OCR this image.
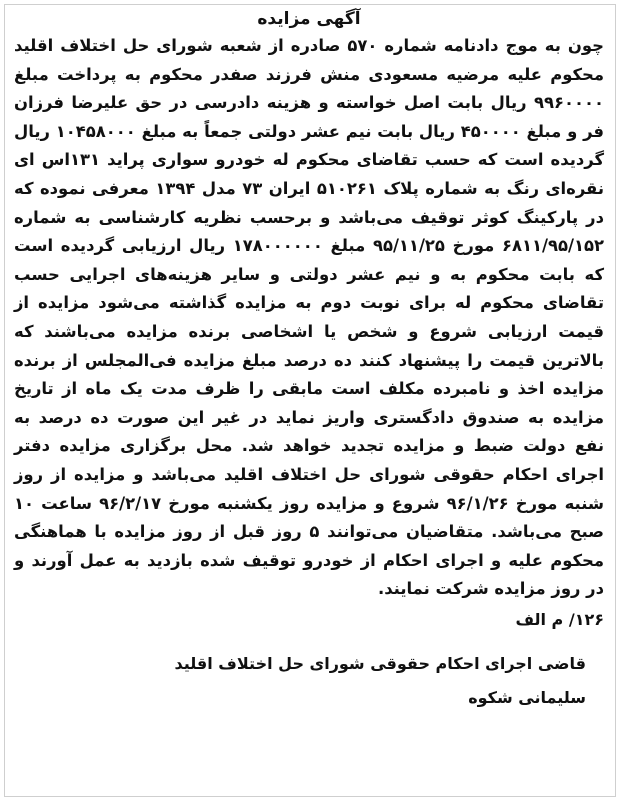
آگهی مزایده

چون به موج دادنامه شماره ۵۷۰ صادره از شعبه شورای حل اختلاف اقلید محکوم علیه مرضیه مسعودی منش فرزند صفدر محکوم به پرداخت مبلغ ۹۹۶۰۰۰۰ ریال بابت اصل خواسته و هزینه دادرسی در حق علیرضا فرزان فر و مبلغ ۴۵۰۰۰۰ ریال بابت نیم عشر دولتی جمعاً به مبلغ ۱۰۴۵۸۰۰۰ ریال گردیده است که حسب تقاضای محکوم له خودرو سواری پراید ۱۳۱اس ای نقره‌ای رنگ به شماره پلاک ۵۱۰۲۶۱ ایران ۷۳ مدل ۱۳۹۴ معرفی نموده که در پارکینگ کوثر توقیف می‌باشد و برحسب نظریه کارشناسی به شماره ۶۸۱۱/۹۵/۱۵۲ مورخ ۹۵/۱۱/۲۵ مبلغ ۱۷۸۰۰۰۰۰۰ ریال ارزیابی گردیده است که بابت محکوم به و نیم عشر دولتی و سایر هزینه‌های اجرایی حسب تقاضای محکوم له برای نوبت دوم به مزایده گذاشته می‌شود مزایده از قیمت ارزیابی شروع و شخص یا اشخاصی برنده مزایده می‌باشند که بالاترین قیمت را پیشنهاد کنند ده درصد مبلغ مزایده فی‌المجلس از برنده مزایده اخذ و نامبرده مکلف است مابقی را ظرف مدت یک ماه از تاریخ مزایده به صندوق دادگستری واریز نماید در غیر این صورت ده درصد به نفع دولت ضبط و مزایده تجدید خواهد شد. محل برگزاری مزایده دفتر اجرای احکام حقوقی شورای حل اختلاف اقلید می‌باشد و مزایده از روز شنبه مورخ ۹۶/۱/۲۶ شروع و مزایده روز یکشنبه مورخ ۹۶/۲/۱۷ ساعت ۱۰ صبح می‌باشد. متقاضیان می‌توانند ۵ روز قبل از روز مزایده با هماهنگی محکوم علیه و اجرای احکام از خودرو توقیف شده بازدید به عمل آورند و در روز مزایده شرکت نمایند.

۱۲۶/ م الف

قاضی اجرای احکام حقوقی شورای حل اختلاف اقلید

سلیمانی شکوه
